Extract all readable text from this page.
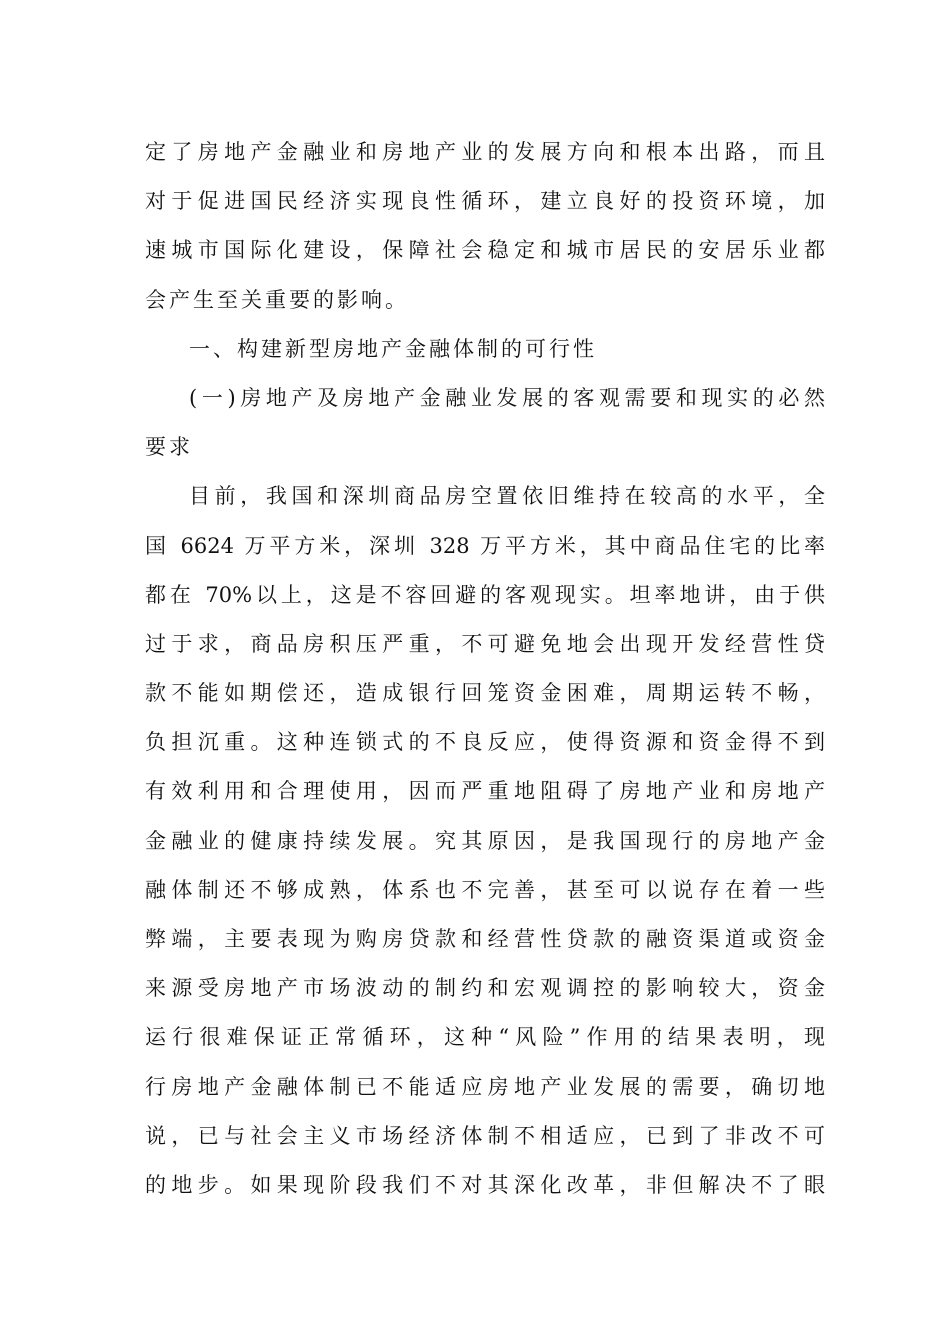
定了房地产金融业和房地产业的发展方向和根本出路，而且
对于促进国民经济实现良性循环，建立良好的投资环境，加
速城市国际化建设，保障社会稳定和城市居民的安居乐业都
会产生至关重要的影响。
一、构建新型房地产金融体制的可行性
(一)房地产及房地产金融业发展的客观需要和现实的必然
要求
目前，我国和深圳商品房空置依旧维持在较高的水平，全
国 6624 万平方米，深圳 328 万平方米，其中商品住宅的比率
都在 70%以上，这是不容回避的客观现实。坦率地讲，由于供
过于求，商品房积压严重，不可避免地会出现开发经营性贷
款不能如期偿还，造成银行回笼资金困难，周期运转不畅，
负担沉重。这种连锁式的不良反应，使得资源和资金得不到
有效利用和合理使用，因而严重地阻碍了房地产业和房地产
金融业的健康持续发展。究其原因，是我国现行的房地产金
融体制还不够成熟，体系也不完善，甚至可以说存在着一些
弊端，主要表现为购房贷款和经营性贷款的融资渠道或资金
来源受房地产市场波动的制约和宏观调控的影响较大，资金
运行很难保证正常循环，这种“风险”作用的结果表明，现
行房地产金融体制已不能适应房地产业发展的需要，确切地
说，已与社会主义市场经济体制不相适应，已到了非改不可
的地步。如果现阶段我们不对其深化改革，非但解决不了眼
